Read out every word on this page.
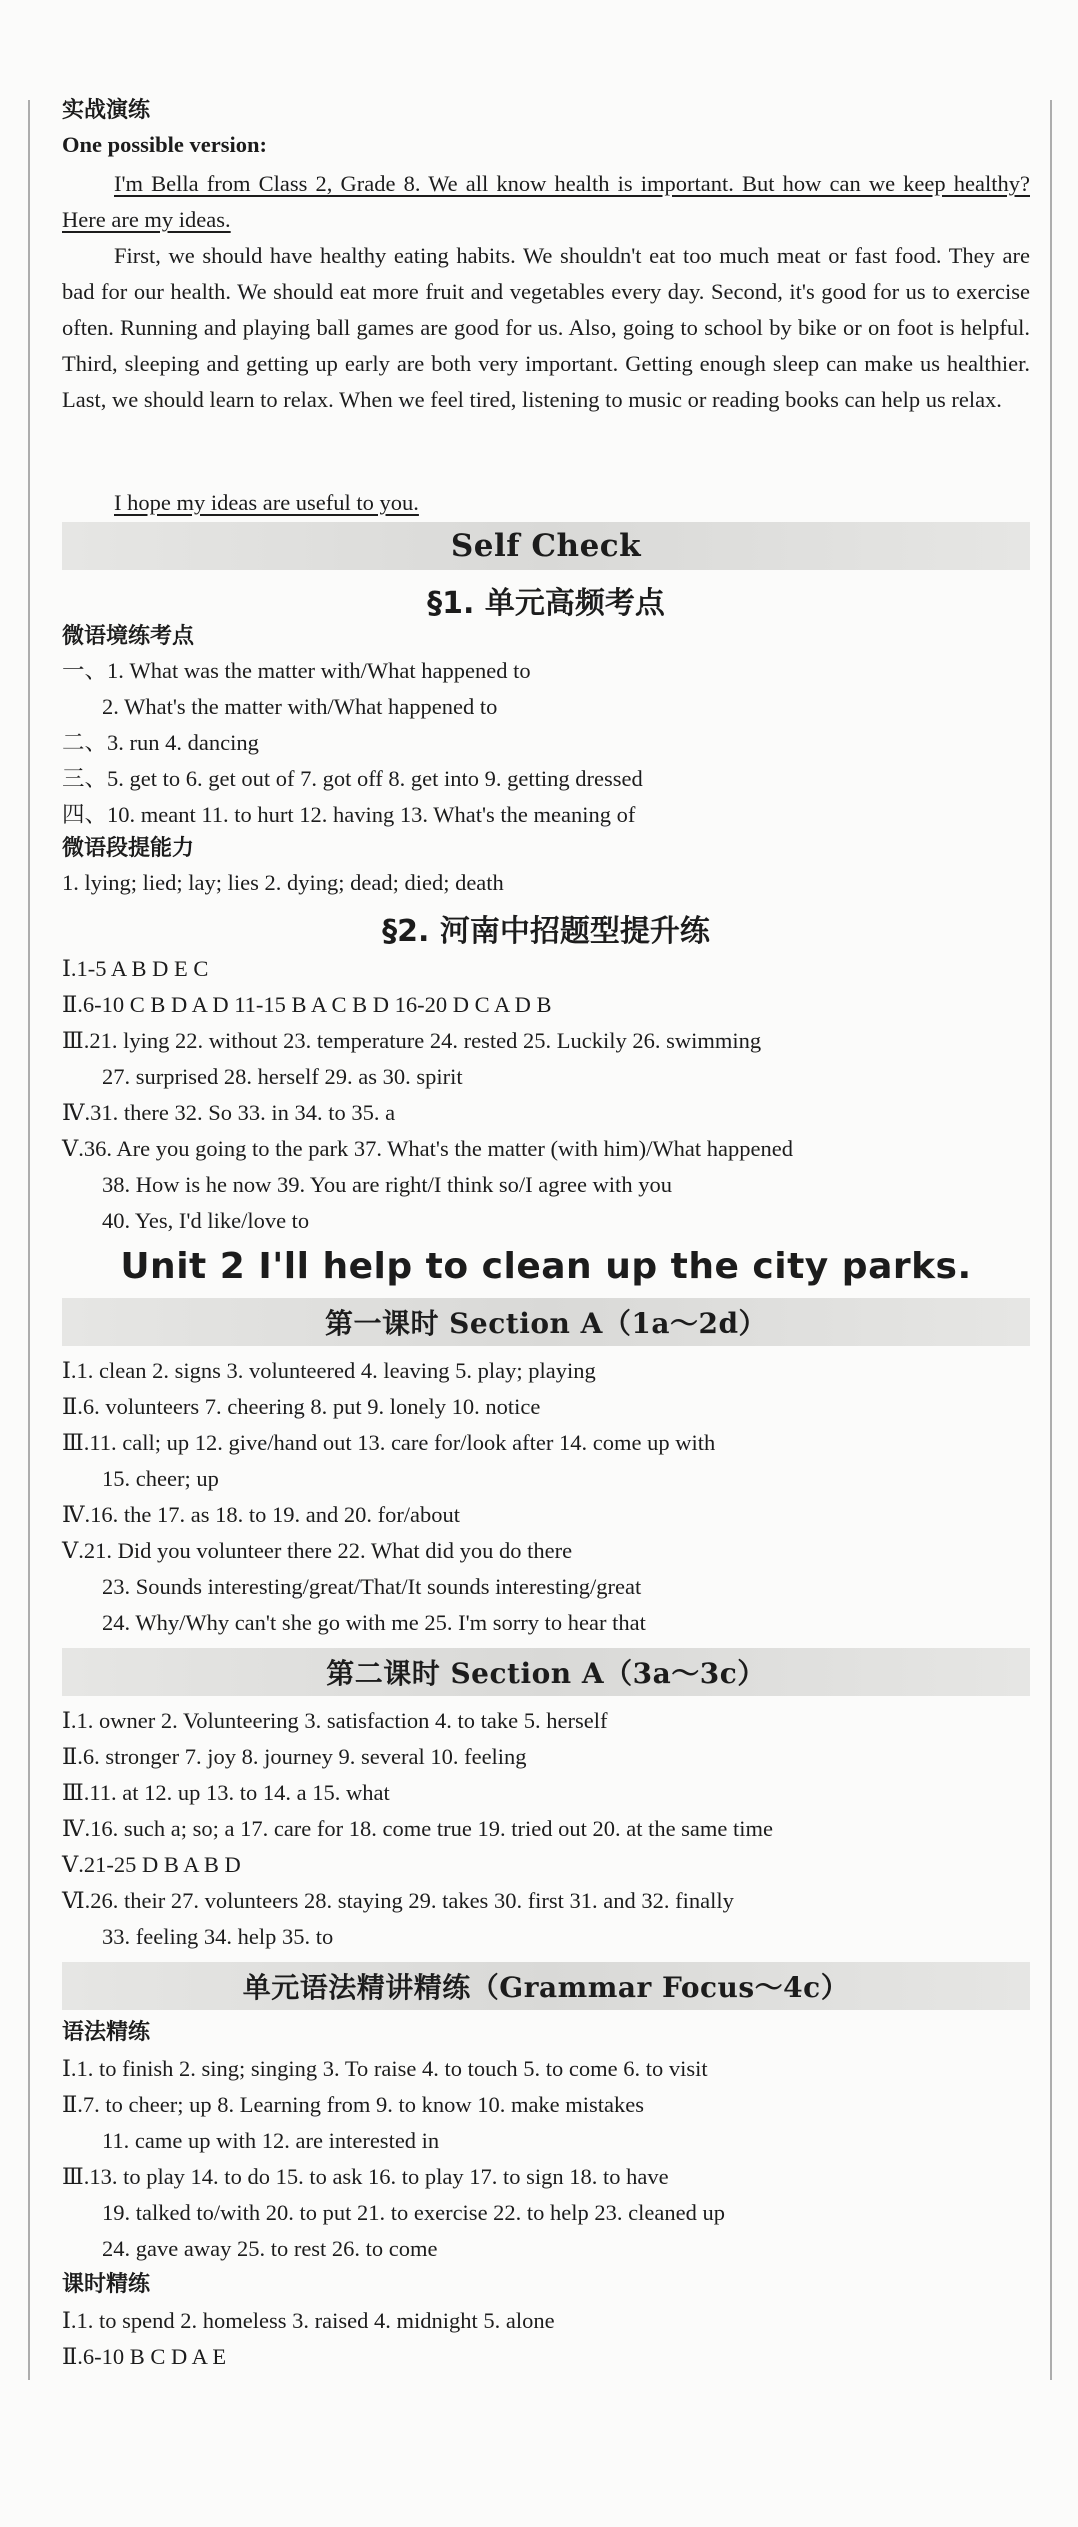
实战演练
One possible version:
I'm Bella from Class 2, Grade 8. We all know health is important. But how can we keep healthy? Here are my ideas.
First, we should have healthy eating habits. We shouldn't eat too much meat or fast food. They are bad for our health. We should eat more fruit and vegetables every day. Second, it's good for us to exercise often. Running and playing ball games are good for us. Also, going to school by bike or on foot is helpful. Third, sleeping and getting up early are both very important. Getting enough sleep can make us healthier. Last, we should learn to relax. When we feel tired, listening to music or reading books can help us relax.
I hope my ideas are useful to you.
Self Check
§1. 单元高频考点
微语境练考点
一、1. What was the matter with/What happened to
2. What's the matter with/What happened to
二、3. run 4. dancing
三、5. get to 6. get out of 7. got off 8. get into 9. getting dressed
四、10. meant 11. to hurt 12. having 13. What's the meaning of
微语段提能力
1. lying; lied; lay; lies 2. dying; dead; died; death
§2. 河南中招题型提升练
Ⅰ.1-5 A B D E C
Ⅱ.6-10 C B D A D 11-15 B A C B D 16-20 D C A D B
Ⅲ.21. lying 22. without 23. temperature 24. rested 25. Luckily 26. swimming
27. surprised 28. herself 29. as 30. spirit
Ⅳ.31. there 32. So 33. in 34. to 35. a
Ⅴ.36. Are you going to the park 37. What's the matter (with him)/What happened
38. How is he now 39. You are right/I think so/I agree with you
40. Yes, I'd like/love to
Unit 2 I'll help to clean up the city parks.
第一课时 Section A（1a～2d）
Ⅰ.1. clean 2. signs 3. volunteered 4. leaving 5. play; playing
Ⅱ.6. volunteers 7. cheering 8. put 9. lonely 10. notice
Ⅲ.11. call; up 12. give/hand out 13. care for/look after 14. come up with
15. cheer; up
Ⅳ.16. the 17. as 18. to 19. and 20. for/about
Ⅴ.21. Did you volunteer there 22. What did you do there
23. Sounds interesting/great/That/It sounds interesting/great
24. Why/Why can't she go with me 25. I'm sorry to hear that
第二课时 Section A（3a～3c）
Ⅰ.1. owner 2. Volunteering 3. satisfaction 4. to take 5. herself
Ⅱ.6. stronger 7. joy 8. journey 9. several 10. feeling
Ⅲ.11. at 12. up 13. to 14. a 15. what
Ⅳ.16. such a; so; a 17. care for 18. come true 19. tried out 20. at the same time
Ⅴ.21-25 D B A B D
Ⅵ.26. their 27. volunteers 28. staying 29. takes 30. first 31. and 32. finally
33. feeling 34. help 35. to
单元语法精讲精练（Grammar Focus～4c）
语法精练
Ⅰ.1. to finish 2. sing; singing 3. To raise 4. to touch 5. to come 6. to visit
Ⅱ.7. to cheer; up 8. Learning from 9. to know 10. make mistakes
11. came up with 12. are interested in
Ⅲ.13. to play 14. to do 15. to ask 16. to play 17. to sign 18. to have
19. talked to/with 20. to put 21. to exercise 22. to help 23. cleaned up
24. gave away 25. to rest 26. to come
课时精练
Ⅰ.1. to spend 2. homeless 3. raised 4. midnight 5. alone
Ⅱ.6-10 B C D A E
